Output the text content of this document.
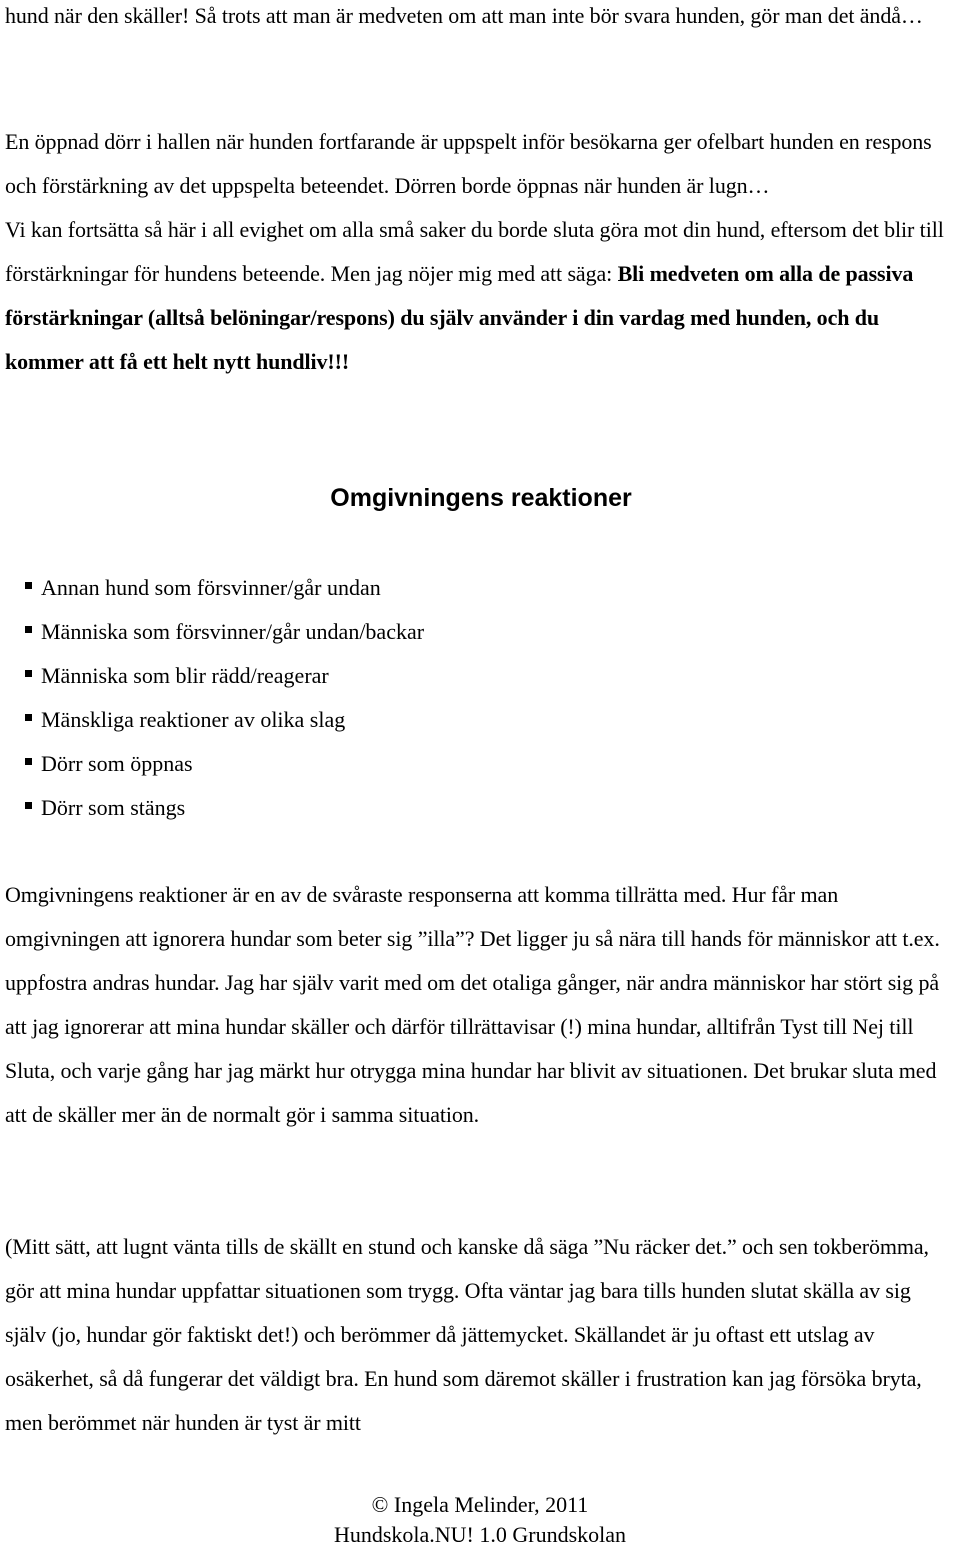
hund när den skäller! Så trots att man är medveten om att man inte bör svara hunden, gör man det ändå…

En öppnad dörr i hallen när hunden fortfarande är uppspelt inför besökarna ger ofelbart hunden en respons och förstärkning av det uppspelta beteendet. Dörren borde öppnas när hunden är lugn…
Vi kan fortsätta så här i all evighet om alla små saker du borde sluta göra mot din hund, eftersom det blir till förstärkningar för hundens beteende. Men jag nöjer mig med att säga: Bli medveten om alla de passiva förstärkningar (alltså belöningar/respons) du själv använder i din vardag med hunden, och du kommer att få ett helt nytt hundliv!!!

Omgivningens reaktioner
Annan hund som försvinner/går undan
Människa som försvinner/går undan/backar
Människa som blir rädd/reagerar
Mänskliga reaktioner av olika slag
Dörr som öppnas
Dörr som stängs

Omgivningens reaktioner är en av de svåraste responserna att komma tillrätta med. Hur får man omgivningen att ignorera hundar som beter sig ”illa”? Det ligger ju så nära till hands för människor att t.ex. uppfostra andras hundar. Jag har själv varit med om det otaliga gånger, när andra människor har stört sig på att jag ignorerar att mina hundar skäller och därför tillrättavisar (!) mina hundar, alltifrån Tyst till Nej till Sluta, och varje gång har jag märkt hur otrygga mina hundar har blivit av situationen. Det brukar sluta med att de skäller mer än de normalt gör i samma situation.

(Mitt sätt, att lugnt vänta tills de skällt en stund och kanske då säga ”Nu räcker det.” och sen tokberömma, gör att mina hundar uppfattar situationen som trygg. Ofta väntar jag bara tills hunden slutat skälla av sig själv (jo, hundar gör faktiskt det!) och berömmer då jättemycket. Skällandet är ju oftast ett utslag av osäkerhet, så då fungerar det väldigt bra. En hund som däremot skäller i frustration kan jag försöka bryta, men berömmet när hunden är tyst är mitt

© Ingela Melinder, 2011
Hundskola.NU! 1.0 Grundskolan
